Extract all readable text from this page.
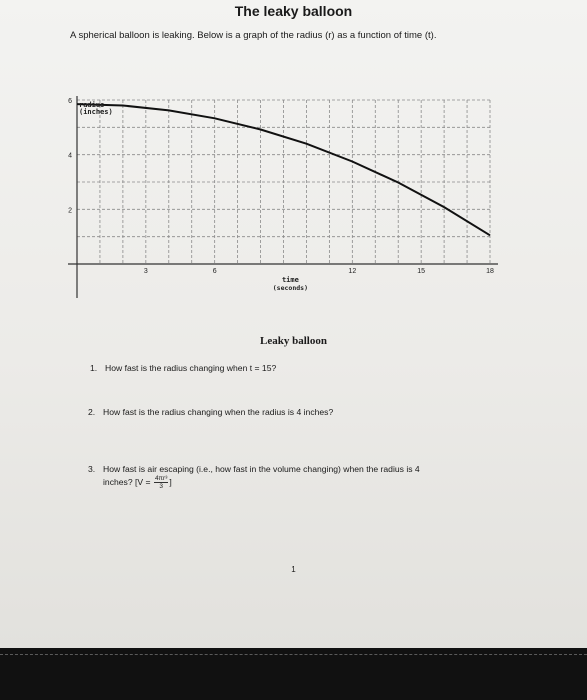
The leaky balloon
A spherical balloon is leaking. Below is a graph of the radius (r) as a function of time (t).
3	6	12	15	18
6
4
2
radius
(inches)
time
(seconds)
Leaky balloon
1. How fast is the radius changing when t = 15?
2. How fast is the radius changing when the radius is 4 inches?
3. How fast is air escaping (i.e., how fast in the volume changing) when the radius is 4
inches? [$V = \frac{\text{4πr³}}{3}$ ]
1
